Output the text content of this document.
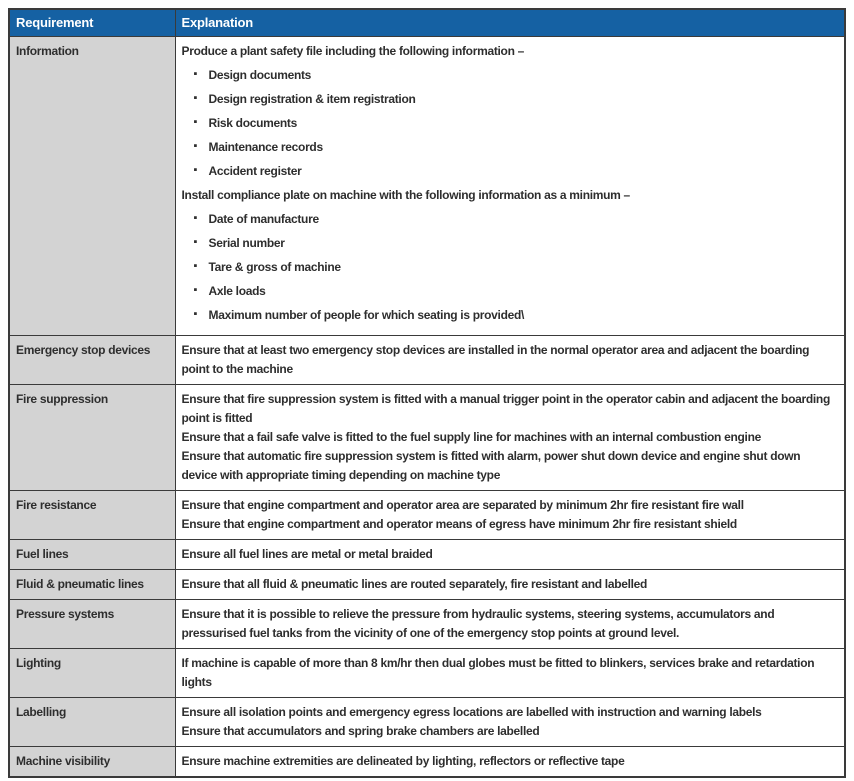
Requirement	Explanation
Information	Produce a plant safety file including the following information –

▪ Design documents
▪ Design registration & item registration
▪ Risk documents
▪ Maintenance records
▪ Accident register

Install compliance plate on machine with the following information as a minimum –

▪ Date of manufacture
▪ Serial number
▪ Tare & gross of machine
▪ Axle loads
▪ Maximum number of people for which seating is provided\

Emergency stop devices	Ensure that at least two emergency stop devices are installed in the normal operator area and adjacent the boarding point to the machine

Fire suppression	Ensure that fire suppression system is fitted with a manual trigger point in the operator cabin and adjacent the boarding point is fitted

Ensure that a fail safe valve is fitted to the fuel supply line for machines with an internal combustion engine

Ensure that automatic fire suppression system is fitted with alarm, power shut down device and engine shut down device with appropriate timing depending on machine type

Fire resistance	Ensure that engine compartment and operator area are separated by minimum 2hr fire resistant fire wall

Ensure that engine compartment and operator means of egress have minimum 2hr fire resistant shield

Fuel lines	Ensure all fuel lines are metal or metal braided

Fluid & pneumatic lines	Ensure that all fluid & pneumatic lines are routed separately, fire resistant and labelled

Pressure systems	Ensure that it is possible to relieve the pressure from hydraulic systems, steering systems, accumulators and pressurised fuel tanks from the vicinity of one of the emergency stop points at ground level.

Lighting	If machine is capable of more than 8 km/hr then dual globes must be fitted to blinkers, services brake and retardation lights

Labelling	Ensure all isolation points and emergency egress locations are labelled with instruction and warning labels

Ensure that accumulators and spring brake chambers are labelled

Machine visibility	Ensure machine extremities are delineated by lighting, reflectors or reflective tape
